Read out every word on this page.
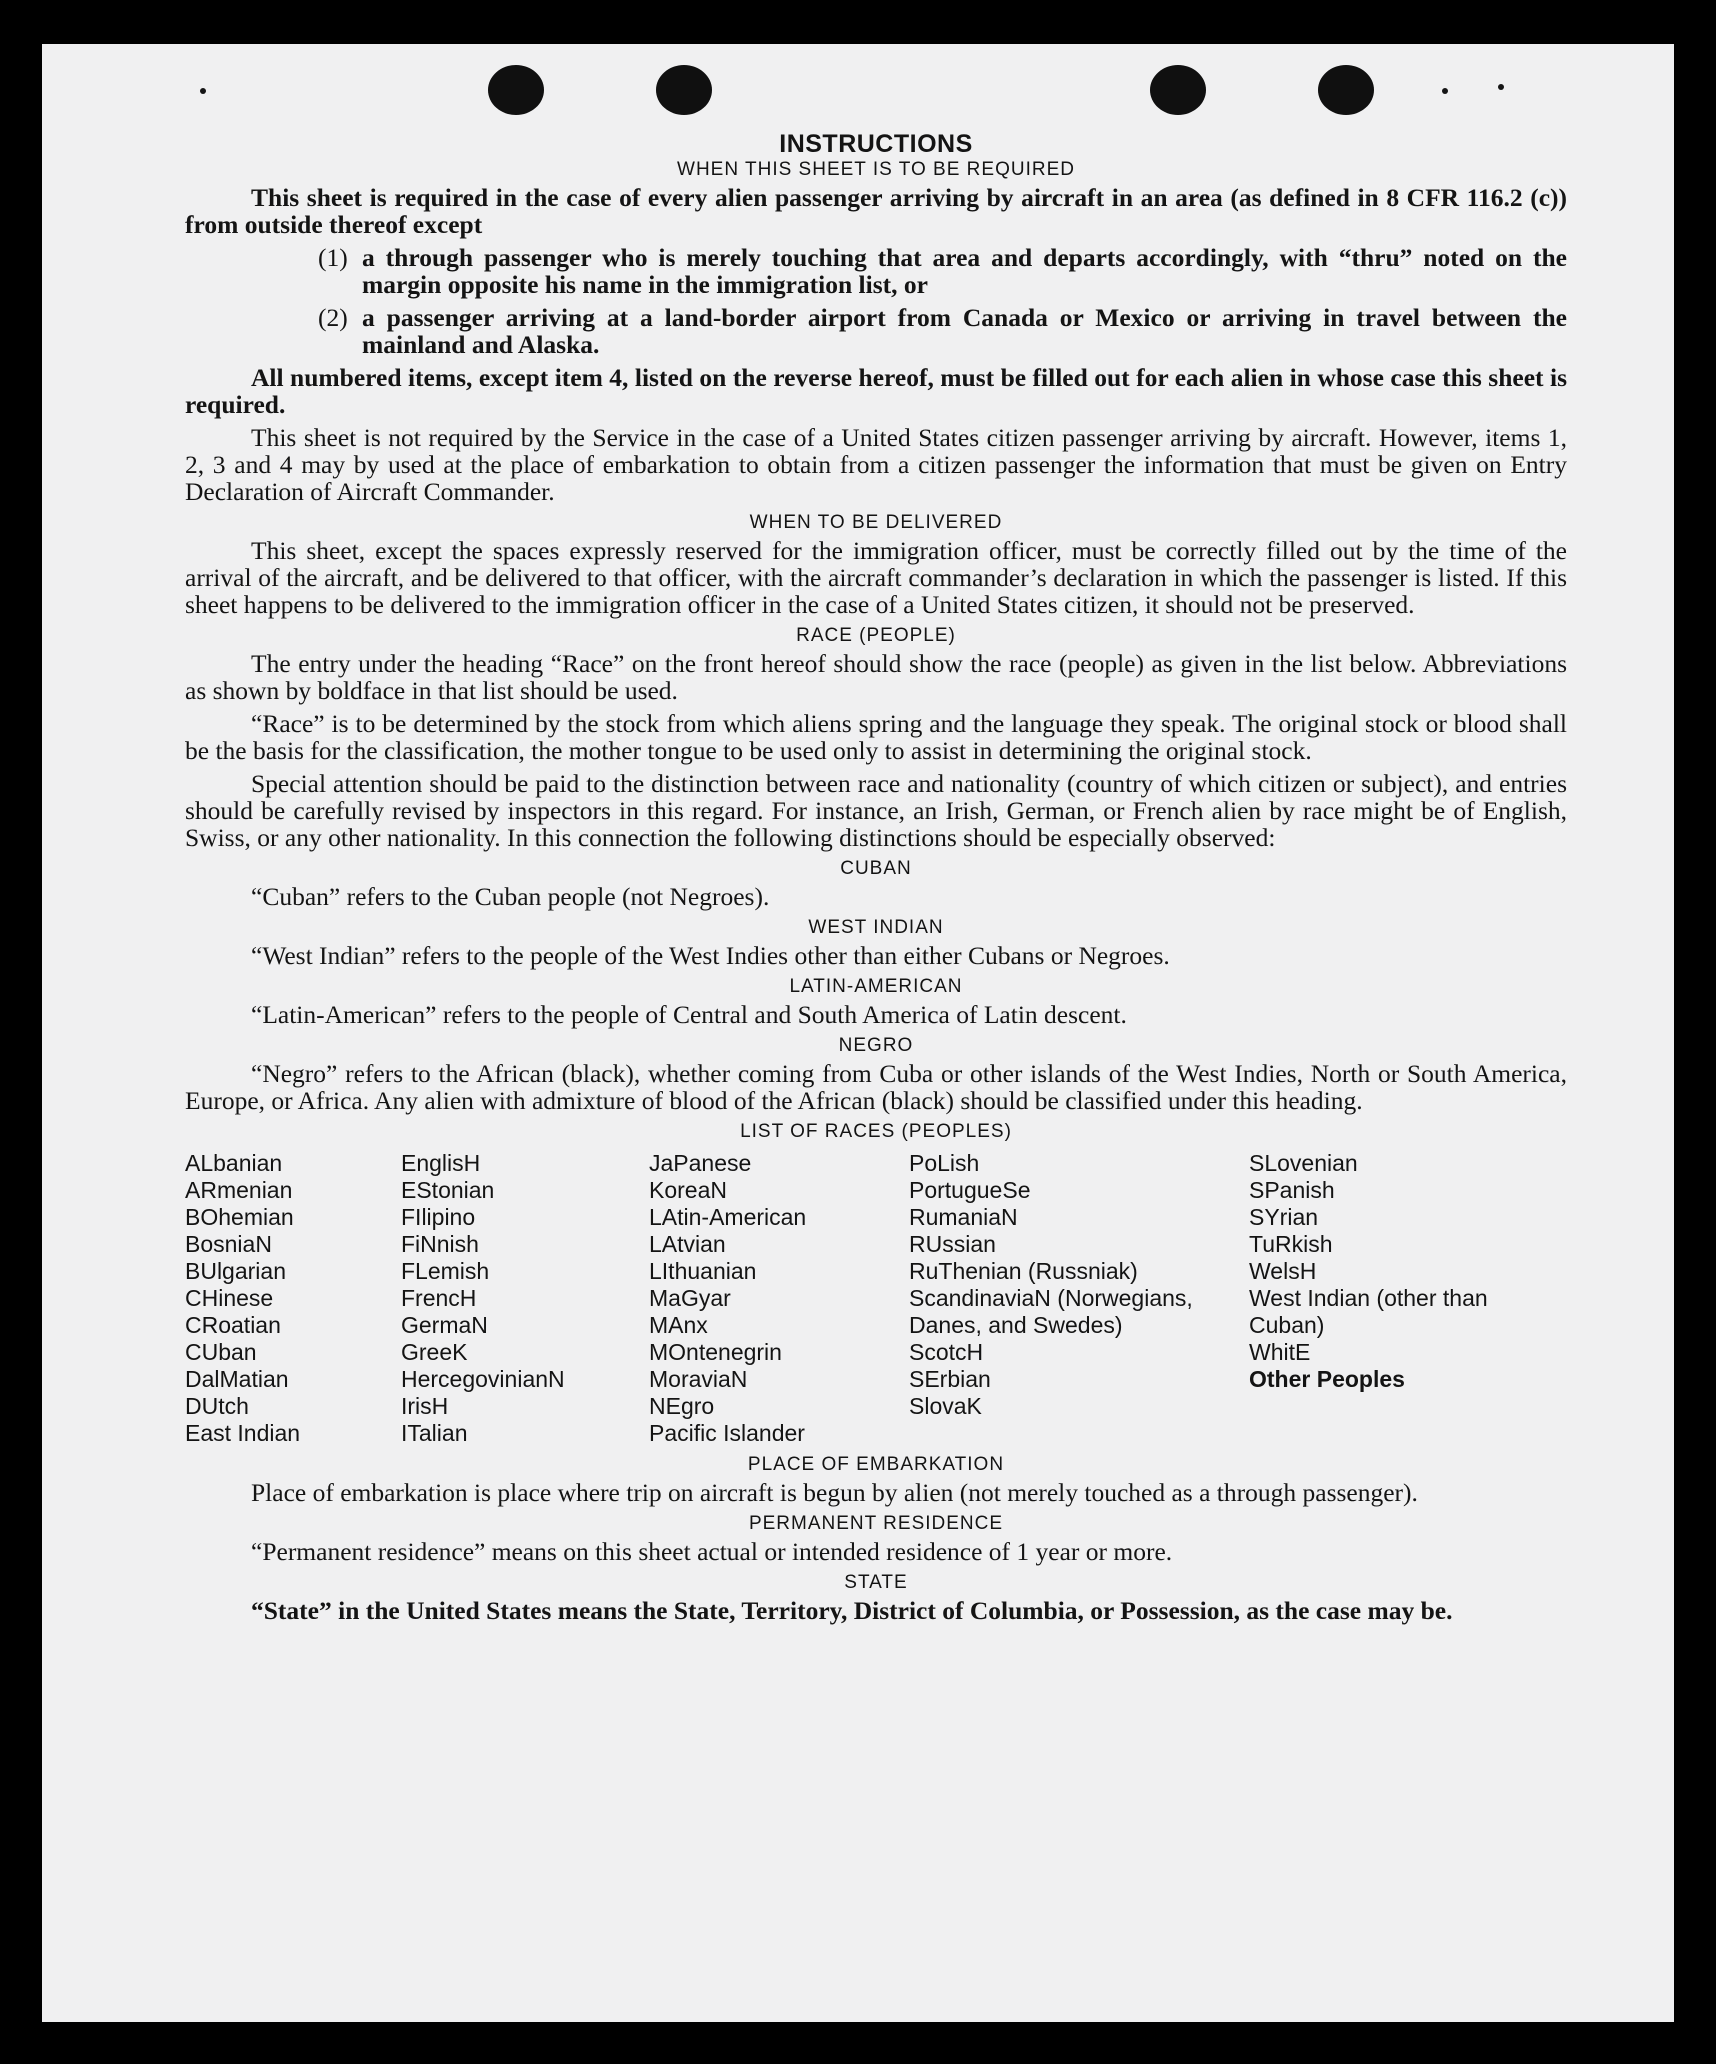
INSTRUCTIONS
WHEN THIS SHEET IS TO BE REQUIRED

This sheet is required in the case of every alien passenger arriving by aircraft in an area (as defined in 8 CFR 116.2 (c)) from outside thereof except

(1) a through passenger who is merely touching that area and departs accordingly, with “thru” noted on the margin opposite his name in the immigration list, or
(2) a passenger arriving at a land-border airport from Canada or Mexico or arriving in travel between the mainland and Alaska.

All numbered items, except item 4, listed on the reverse hereof, must be filled out for each alien in whose case this sheet is required.

This sheet is not required by the Service in the case of a United States citizen passenger arriving by aircraft. However, items 1, 2, 3 and 4 may by used at the place of embarkation to obtain from a citizen passenger the information that must be given on Entry Declaration of Aircraft Commander.

WHEN TO BE DELIVERED

This sheet, except the spaces expressly reserved for the immigration officer, must be correctly filled out by the time of the arrival of the aircraft, and be delivered to that officer, with the aircraft commander’s declaration in which the passenger is listed. If this sheet happens to be delivered to the immigration officer in the case of a United States citizen, it should not be preserved.

RACE (PEOPLE)

The entry under the heading “Race” on the front hereof should show the race (people) as given in the list below. Abbreviations as shown by boldface in that list should be used.

“Race” is to be determined by the stock from which aliens spring and the language they speak. The original stock or blood shall be the basis for the classification, the mother tongue to be used only to assist in determining the original stock.

Special attention should be paid to the distinction between race and nationality (country of which citizen or subject), and entries should be carefully revised by inspectors in this regard. For instance, an Irish, German, or French alien by race might be of English, Swiss, or any other nationality. In this connection the following distinctions should be especially observed:

CUBAN

“Cuban” refers to the Cuban people (not Negroes).

WEST INDIAN

“West Indian” refers to the people of the West Indies other than either Cubans or Negroes.

LATIN-AMERICAN

“Latin-American” refers to the people of Central and South America of Latin descent.

NEGRO

“Negro” refers to the African (black), whether coming from Cuba or other islands of the West Indies, North or South America, Europe, or Africa. Any alien with admixture of blood of the African (black) should be classified under this heading.

LIST OF RACES (PEOPLES)
ALbanian
ARmenian
BOhemian
BosniaN
BUlgarian
CHinese
CRoatian
CUban
DalMatian
DUtch
East Indian
EnglisH
EStonian
FIlipino
FiNnish
FLemish
FrencH
GermaN
GreeK
HercegovinianN
IrisH
ITalian
JaPanese
KoreaN
LAtin-American
LAtvian
LIthuanian
MaGyar
MAnx
MOntenegrin
MoraviaN
NEgro
Pacific Islander
PoLish
PortugueSe
RumaniaN
RUssian
RuThenian (Russniak)
ScandinaviaN (Norwegians, Danes, and Swedes)
ScotcH
SErbian
SlovaK
SLovenian
SPanish
SYrian
TuRkish
WelsH
West Indian (other than Cuban)
WhitE
Other Peoples
PLACE OF EMBARKATION

Place of embarkation is place where trip on aircraft is begun by alien (not merely touched as a through passenger).

PERMANENT RESIDENCE

“Permanent residence” means on this sheet actual or intended residence of 1 year or more.

STATE

“State” in the United States means the State, Territory, District of Columbia, or Possession, as the case may be.
